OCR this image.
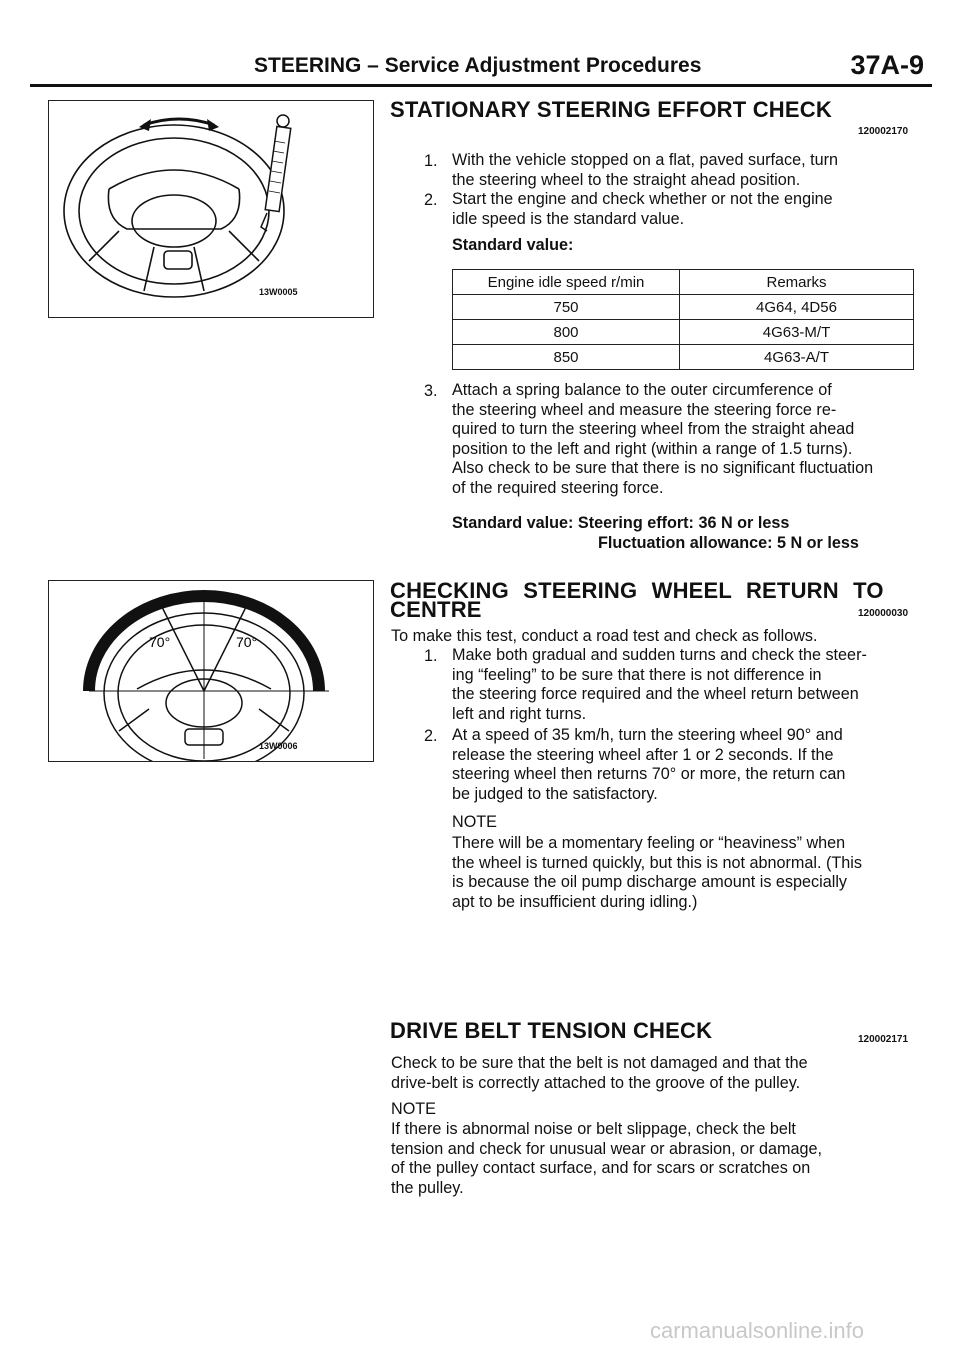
STEERING – Service Adjustment Procedures	37A-9
13W0005
70°	70°
13W0006
STATIONARY STEERING EFFORT CHECK
120002170
1. With the vehicle stopped on a flat, paved surface, turn
the steering wheel to the straight ahead position.
2. Start the engine and check whether or not the engine
idle speed is the standard value.
Standard value:
Engine idle speed r/min	Remarks
750	4G64, 4D56
800	4G63-M/T
850	4G63-A/T
3. Attach a spring balance to the outer circumference of
the steering wheel and measure the steering force re-
quired to turn the steering wheel from the straight ahead
position to the left and right (within a range of 1.5 turns).
Also check to be sure that there is no significant fluctuation
of the required steering force.
Standard value: Steering effort: 36 N or less
Fluctuation allowance: 5 N or less
CHECKING STEERING WHEEL RETURN TO
CENTRE	120000030
To make this test, conduct a road test and check as follows.
1. Make both gradual and sudden turns and check the steer-
ing “feeling” to be sure that there is not difference in
the steering force required and the wheel return between
left and right turns.
2. At a speed of 35 km/h, turn the steering wheel 90° and
release the steering wheel after 1 or 2 seconds. If the
steering wheel then returns 70° or more, the return can
be judged to the satisfactory.
NOTE
There will be a momentary feeling or “heaviness” when
the wheel is turned quickly, but this is not abnormal. (This
is because the oil pump discharge amount is especially
apt to be insufficient during idling.)
DRIVE BELT TENSION CHECK	120002171
Check to be sure that the belt is not damaged and that the
drive-belt is correctly attached to the groove of the pulley.
NOTE
If there is abnormal noise or belt slippage, check the belt
tension and check for unusual wear or abrasion, or damage,
of the pulley contact surface, and for scars or scratches on
the pulley.
carmanualsonline.info
